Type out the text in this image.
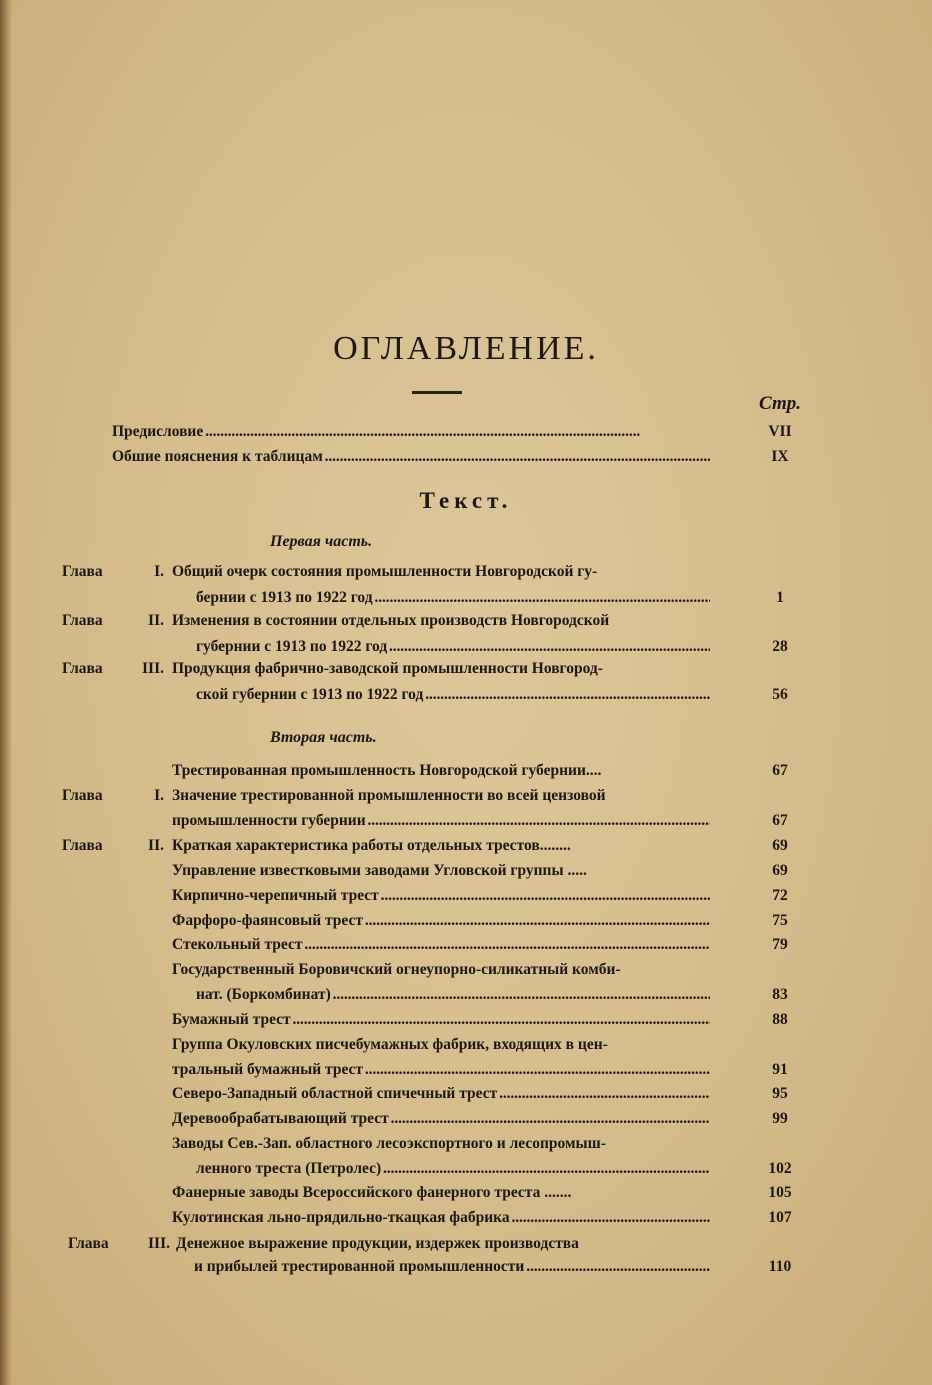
ОГЛАВЛЕНИЕ.
Стр.
Предисловие . . .	VII
Обшие пояснения к таблицам . . .	IX
Текст.
Первая часть.
Глава	I. Общий очерк состояния промышленности Новгородской гу-
бернии с 1913 по 1922 год . . .	1
Глава	II. Изменения в состоянии отдельных производств Новгородской
губернии с 1913 по 1922 год . . .	28
Глава	III. Продукция фабрично-заводской промышленности Новгород-
ской губернии с 1913 по 1922 год . . .	56
Вторая часть.
Трестированная промышленность Новгородской губернии....	67
Глава	I. Значение трестированной промышленности во всей цензовой
промышленности губернии . . .	67
Глава	II. Краткая характеристика работы отдельных трестов........	69
Управление известковыми заводами Угловской группы .....	69
Кирпично-черепичный трест . . .	72
Фарфоро-фаянсовый трест . . .	75
Стекольный трест . . .	79
Государственный Боровичский огнеупорно-силикатный комби-
нат. (Боркомбинат) . . .	83
Бумажный трест . . .	88
Группа Окуловских писчебумажных фабрик, входящих в цен-
тральный бумажный трест . . .	91
Северо-Западный областной спичечный трест . . .	95
Деревообрабатывающий трест . . .	99
Заводы Сев.-Зап. областного лесоэкспортного и лесопромыш-
ленного треста (Петролес) . . .	102
Фанерные заводы Всероссийского фанерного треста .......	105
Кулотинская льно-прядильно-ткацкая фабрика . . .	107
Глава	III. Денежное выражение продукции, издержек производства
и прибылей трестированной промышленности . . .	110
